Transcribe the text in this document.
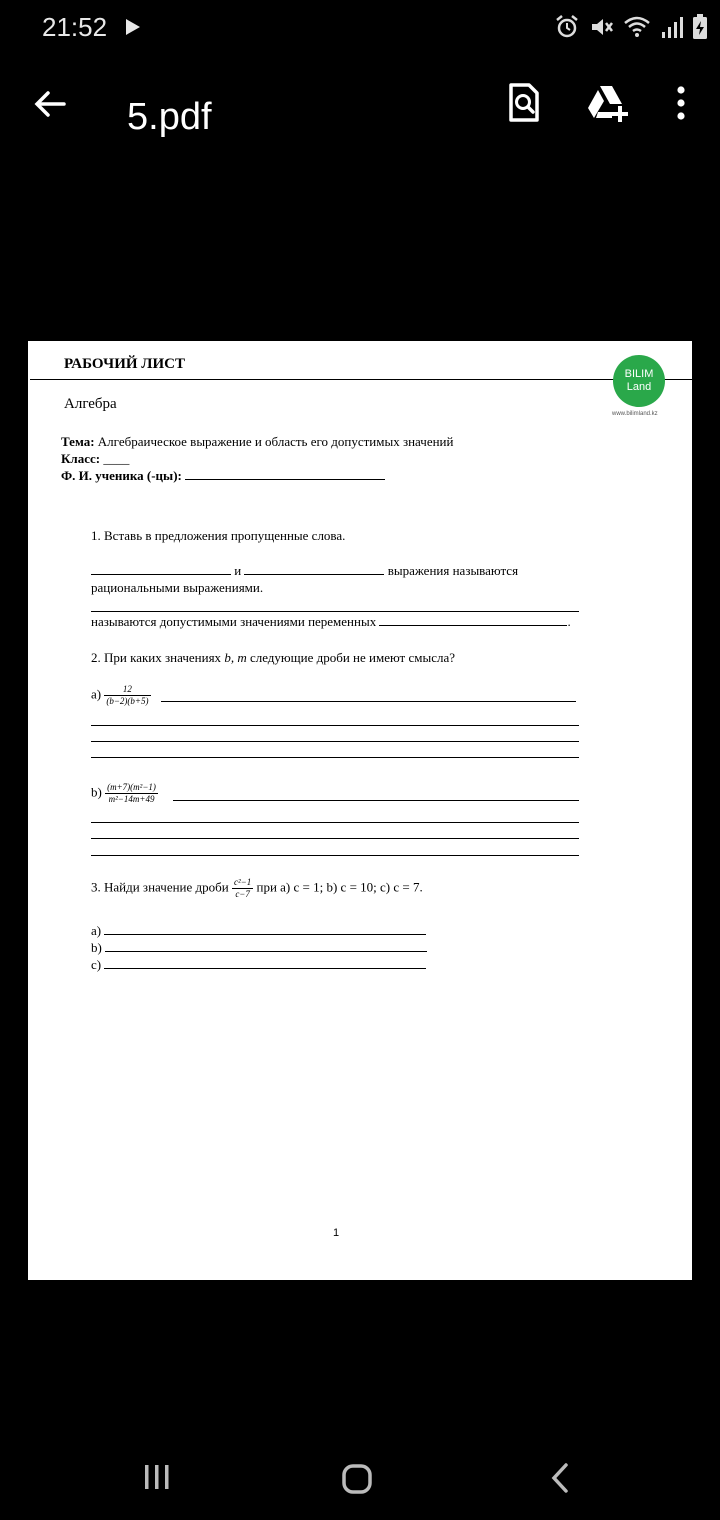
21:52
5.pdf
РАБОЧИЙ ЛИСТ
BILIM
Land
www.bilimland.kz
Алгебра
Тема: Алгебраическое выражение и область его допустимых значений
Класс: ____
Ф. И. ученика (-цы):
1. Вставь в предложения пропущенные слова.
и	выражения называются
рациональными выражениями.
называются допустимыми значениями переменных	.
2. При каких значениях b, m следующие дроби не имеют смысла?
$a) \frac{12}{(b-2)(b+5)}$
$b) \frac{\text{(m+7)(m²−1)}}{\text{m²−14m+49}}$
3. Найди значение дроби $\frac{\text{c²−1}}{c-7}$ при a) c = 1; b) c = 10; c) c = 7.
a)
b)
c)
1
